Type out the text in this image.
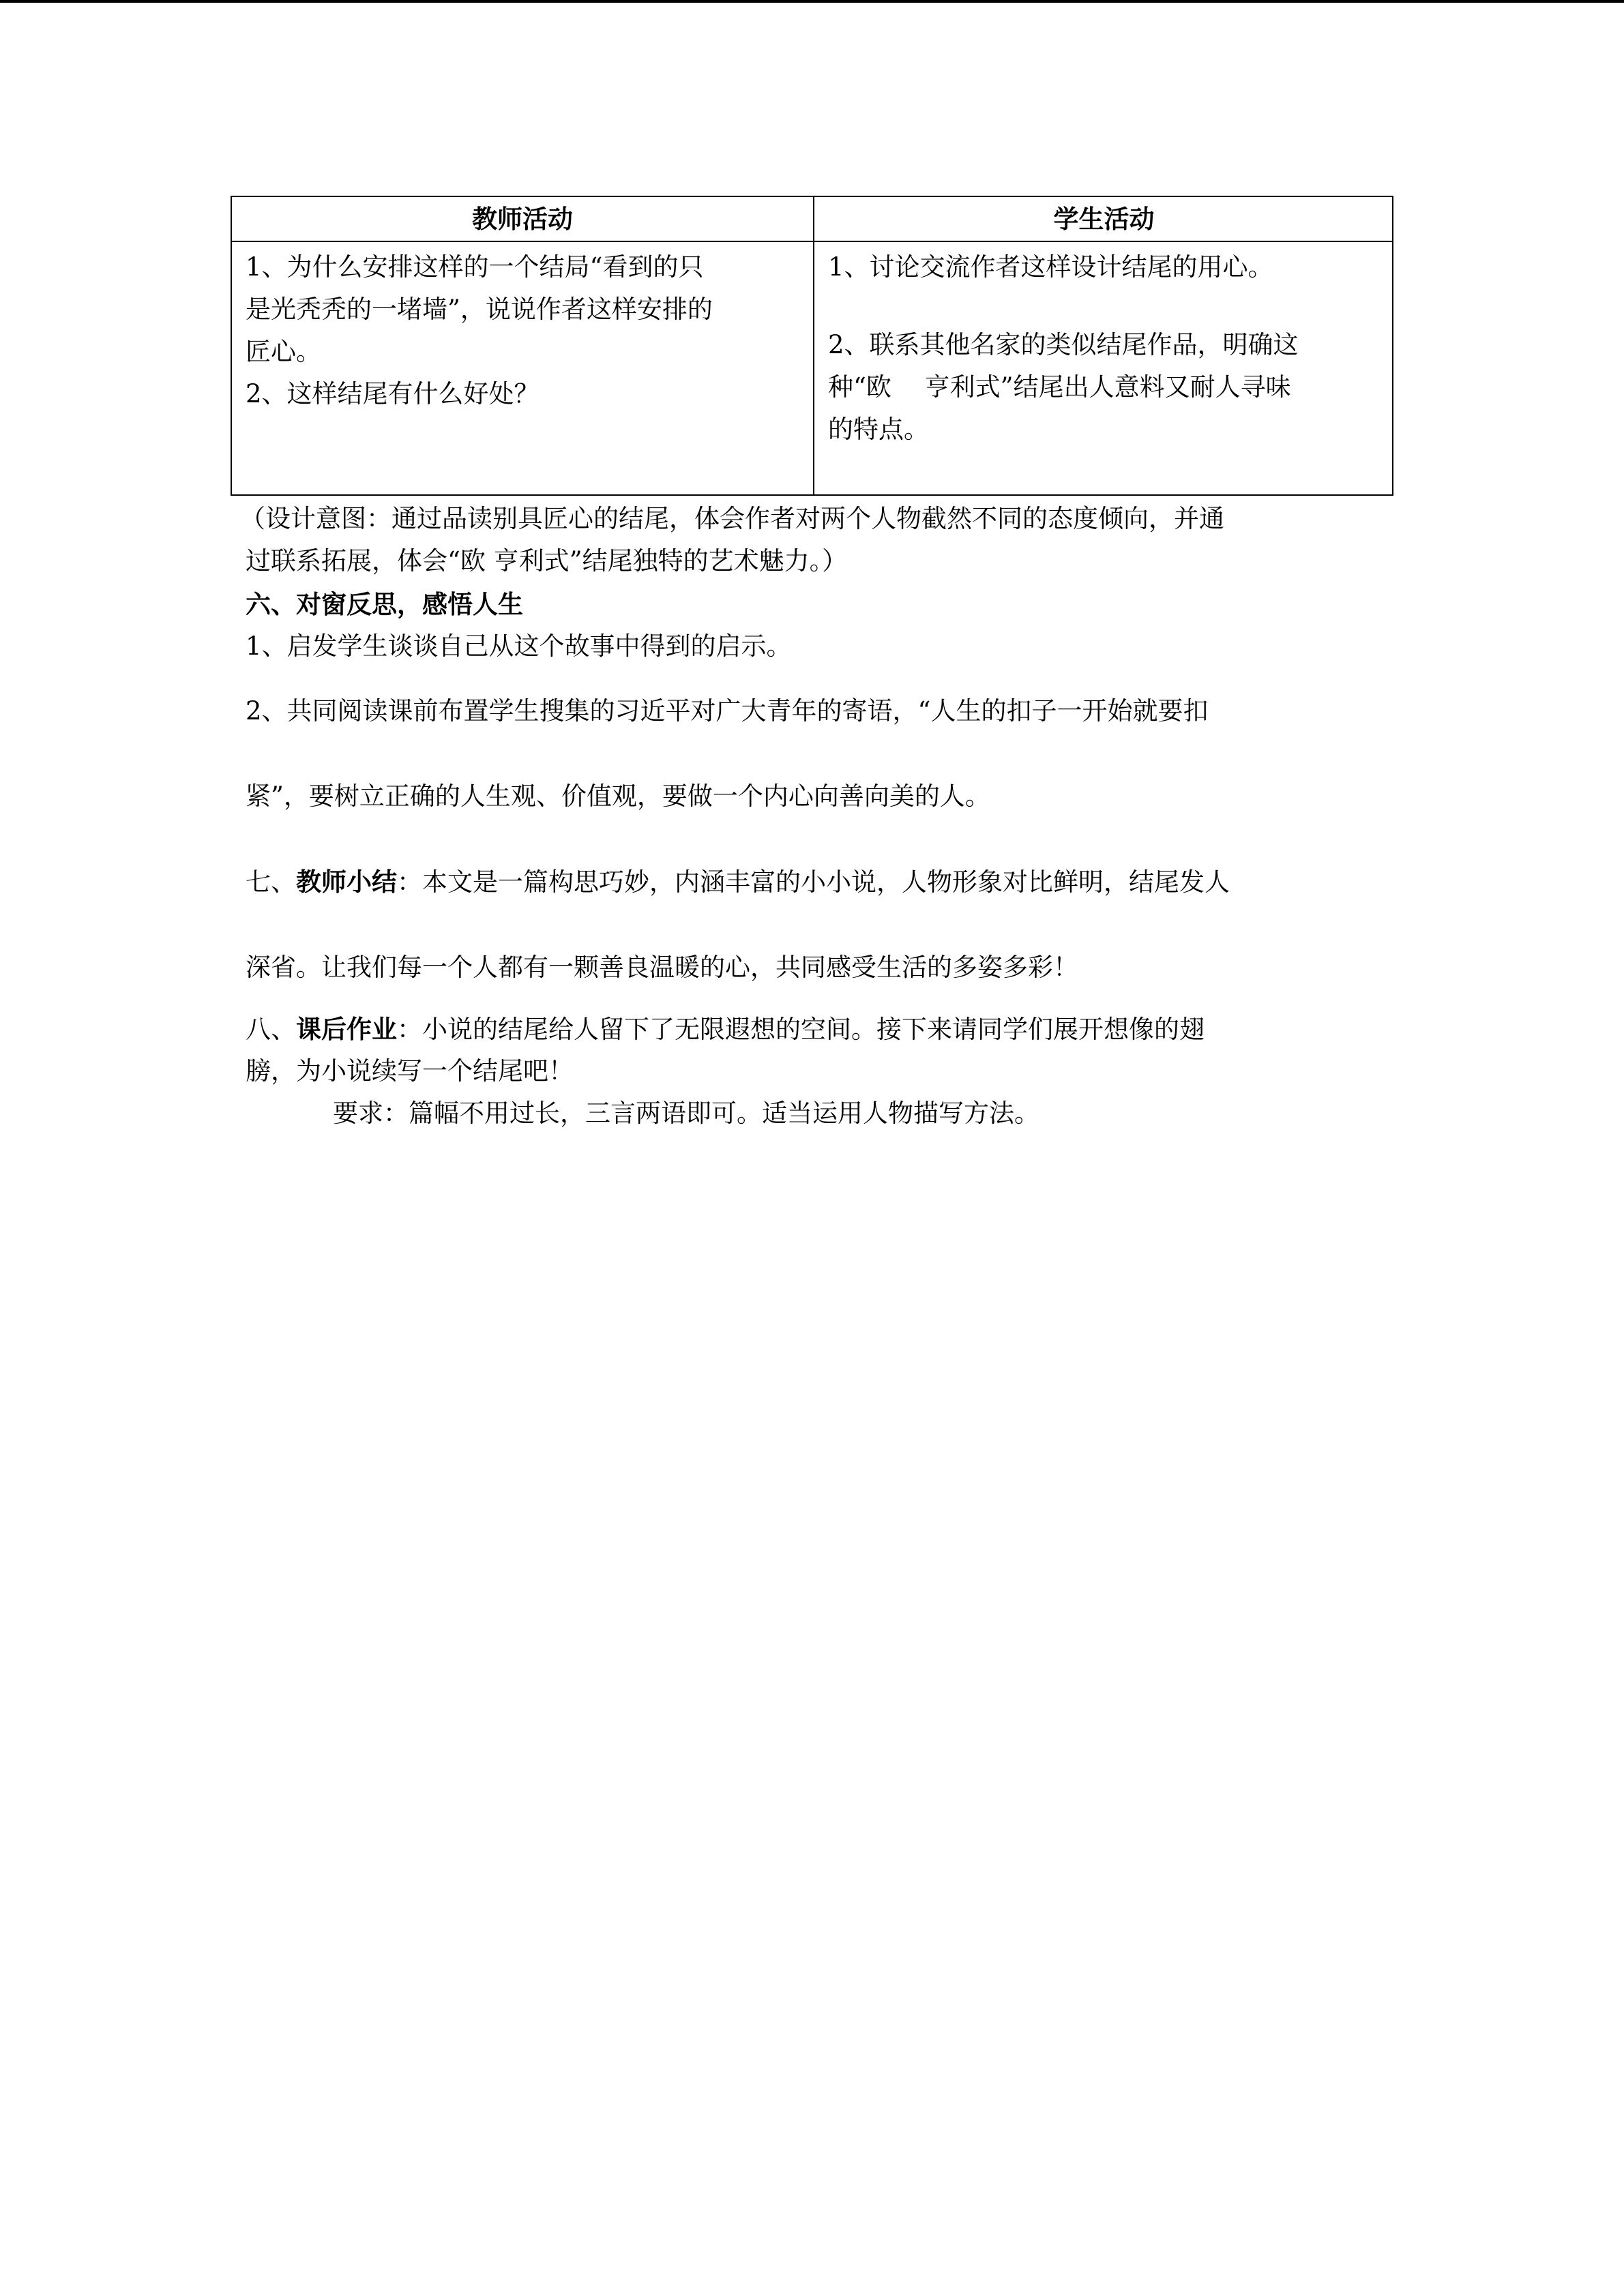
教师活动	学生活动

1、为什么安排这样的一个结局“看到的只

是光秃秃的一堵墙”，说说作者这样安排的

匠心。

2、这样结尾有什么好处？

1、讨论交流作者这样设计结尾的用心。

2、联系其他名家的类似结尾作品，明确这

种“欧　 亨利式”结尾出人意料又耐人寻味

的特点。

（设计意图：通过品读别具匠心的结尾，体会作者对两个人物截然不同的态度倾向，并通
过联系拓展，体会“欧 亨利式”结尾独特的艺术魅力。）
六、对窗反思，感悟人生
1、启发学生谈谈自己从这个故事中得到的启示。
2、共同阅读课前布置学生搜集的习近平对广大青年的寄语，“人生的扣子一开始就要扣
紧”，要树立正确的人生观、价值观，要做一个内心向善向美的人。
七、教师小结：本文是一篇构思巧妙，内涵丰富的小小说，人物形象对比鲜明，结尾发人
深省。让我们每一个人都有一颗善良温暖的心，共同感受生活的多姿多彩！
八、课后作业：小说的结尾给人留下了无限遐想的空间。接下来请同学们展开想像的翅
膀，为小说续写一个结尾吧！
要求：篇幅不用过长，三言两语即可。适当运用人物描写方法。
